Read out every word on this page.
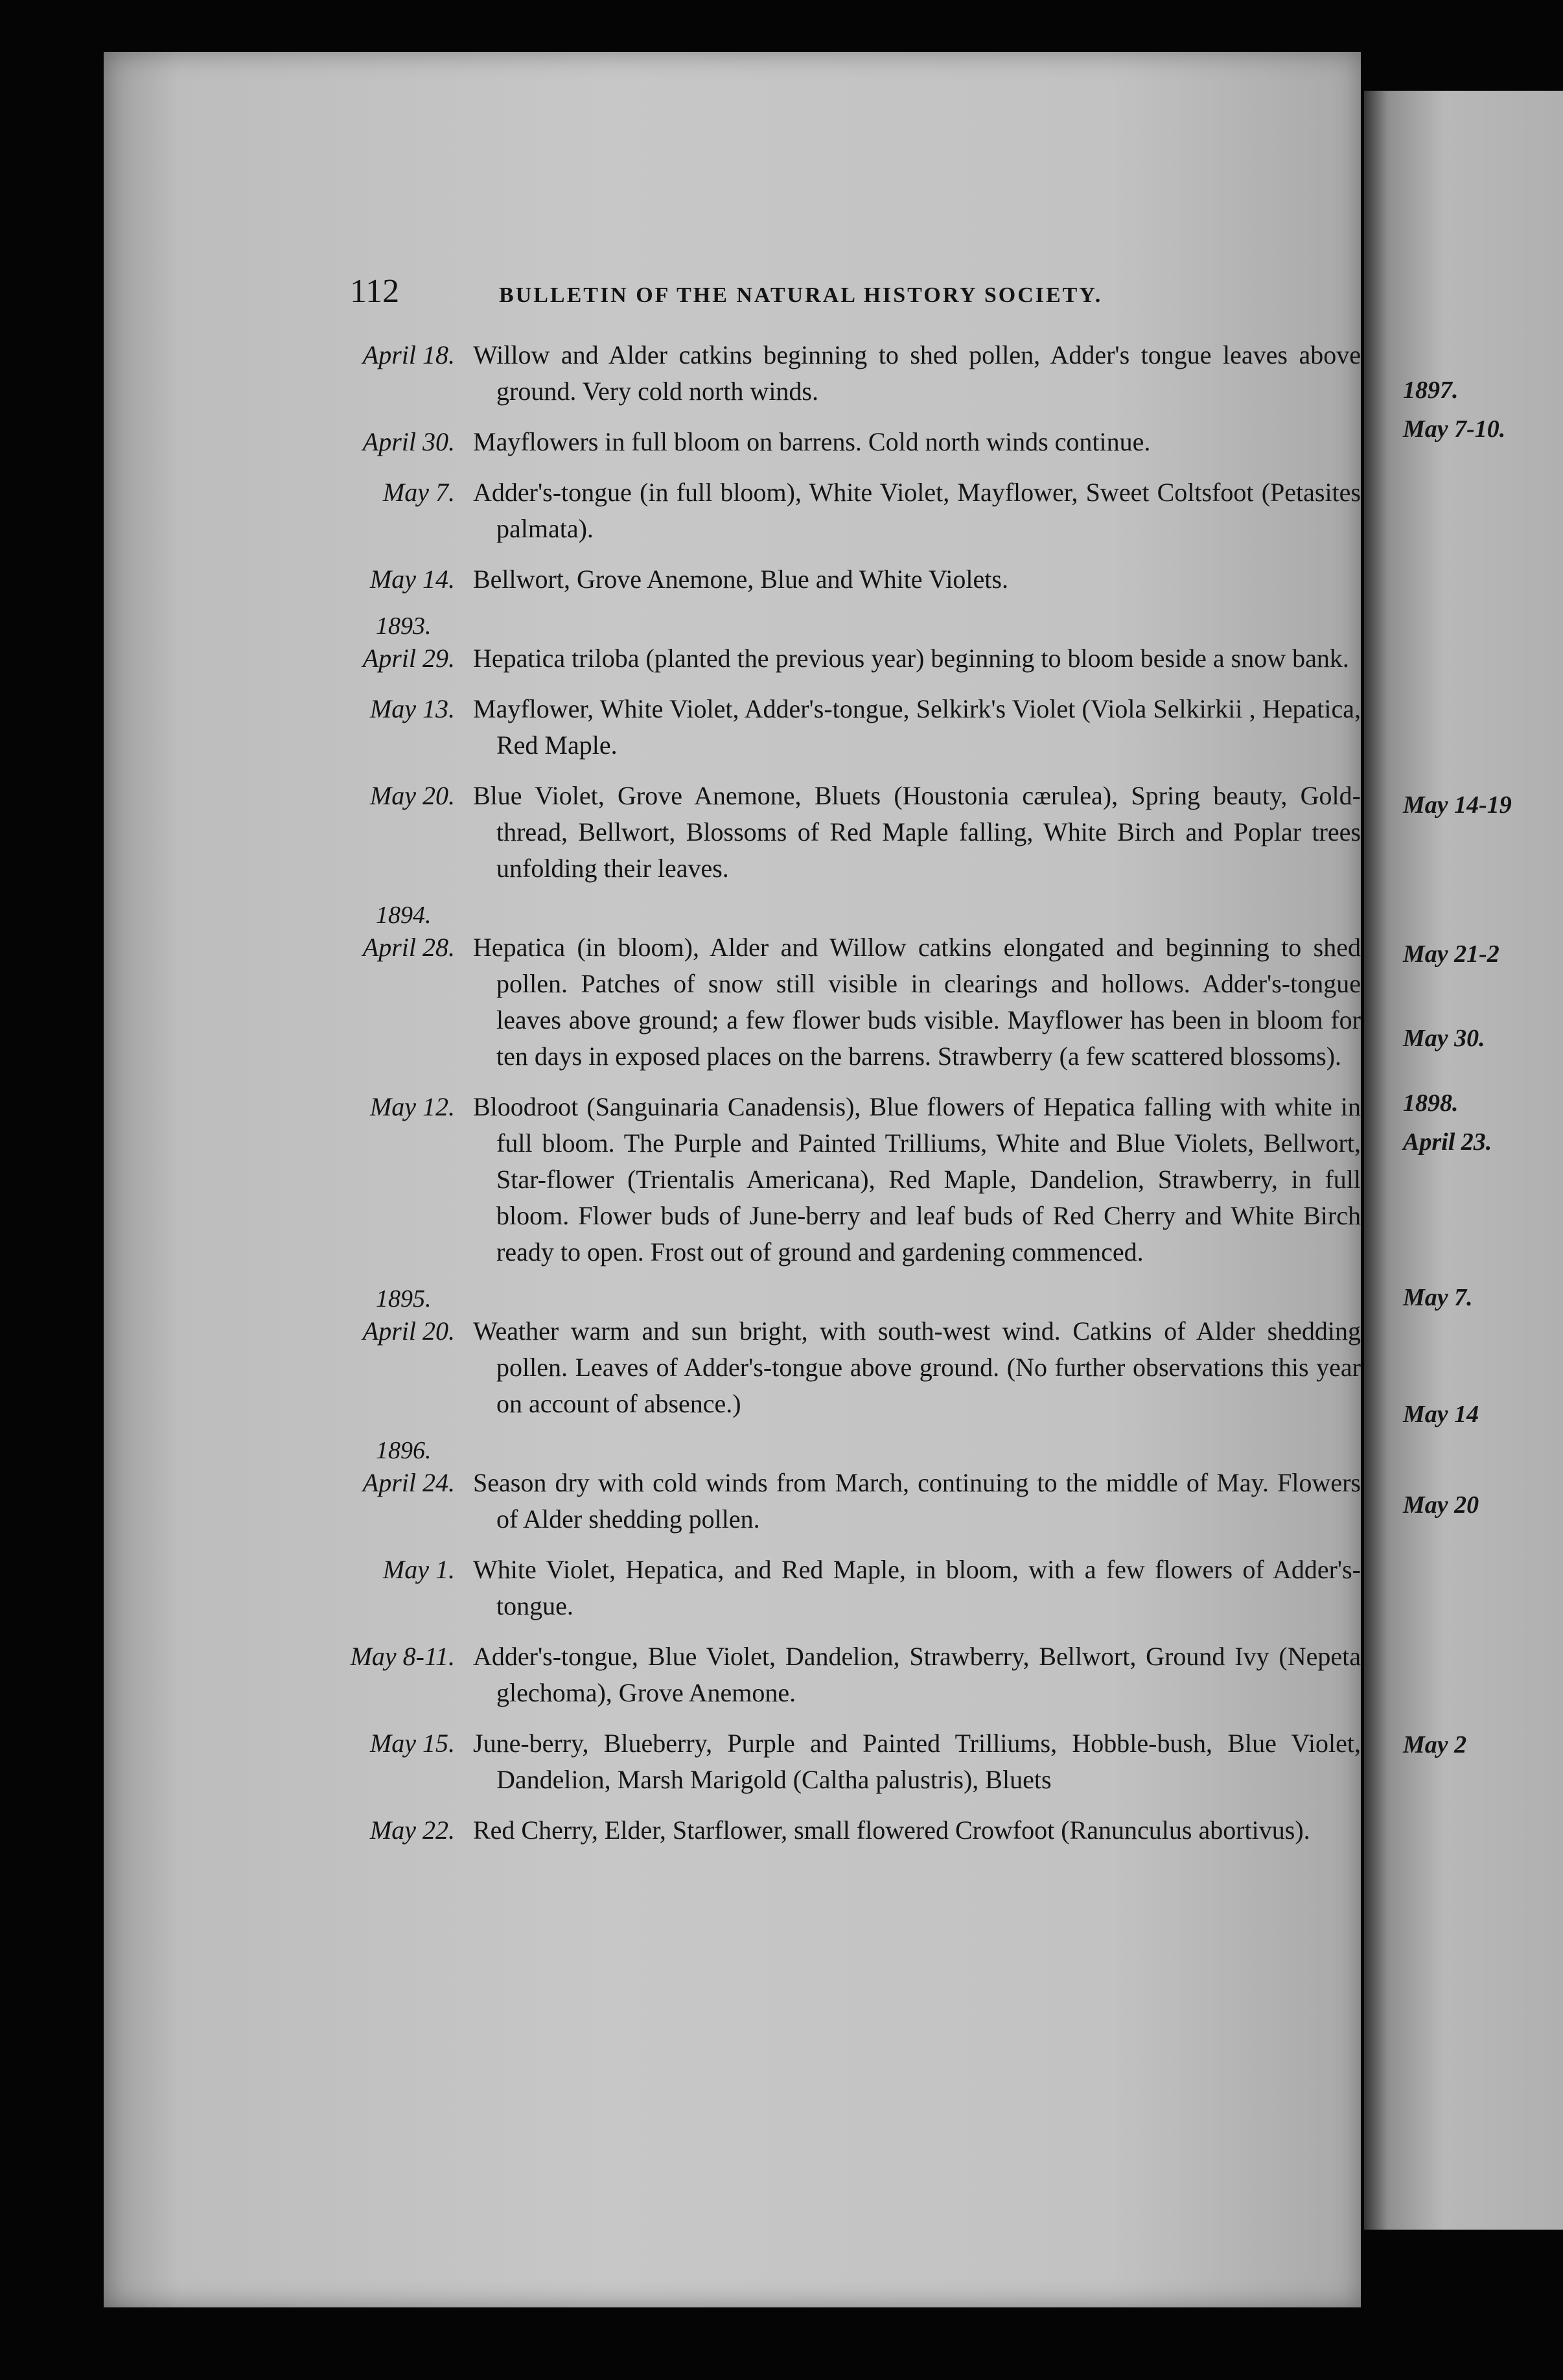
1897.
May 7-10.
May 14-19
May 21-2
May 30.
1898.
April 23.
May 7.
May 14
May 20
May 2
112	BULLETIN OF THE NATURAL HISTORY SOCIETY.
April 18. Willow and Alder catkins beginning to shed pollen, Adder's tongue leaves above ground. Very cold north winds.
April 30. Mayflowers in full bloom on barrens. Cold north winds continue.
May 7. Adder's-tongue (in full bloom), White Violet, Mayflower, Sweet Coltsfoot (Petasites palmata).
May 14. Bellwort, Grove Anemone, Blue and White Violets.
1893.
April 29. Hepatica triloba (planted the previous year) beginning to bloom beside a snow bank.
May 13. Mayflower, White Violet, Adder's-tongue, Selkirk's Violet (Viola Selkirkii , Hepatica, Red Maple.
May 20. Blue Violet, Grove Anemone, Bluets (Houstonia cærulea), Spring beauty, Gold-thread, Bellwort, Blossoms of Red Maple falling, White Birch and Poplar trees unfolding their leaves.
1894.
April 28. Hepatica (in bloom), Alder and Willow catkins elongated and beginning to shed pollen. Patches of snow still visible in clearings and hollows. Adder's-tongue leaves above ground; a few flower buds visible. Mayflower has been in bloom for ten days in exposed places on the barrens. Strawberry (a few scattered blossoms).
May 12. Bloodroot (Sanguinaria Canadensis), Blue flowers of Hepatica falling with white in full bloom. The Purple and Painted Trilliums, White and Blue Violets, Bellwort, Star-flower (Trientalis Americana), Red Maple, Dandelion, Strawberry, in full bloom. Flower buds of June-berry and leaf buds of Red Cherry and White Birch ready to open. Frost out of ground and gardening commenced.
1895.
April 20. Weather warm and sun bright, with south-west wind. Catkins of Alder shedding pollen. Leaves of Adder's-tongue above ground. (No further observations this year on account of absence.)
1896.
April 24. Season dry with cold winds from March, continuing to the middle of May. Flowers of Alder shedding pollen.
May 1. White Violet, Hepatica, and Red Maple, in bloom, with a few flowers of Adder's-tongue.
May 8-11. Adder's-tongue, Blue Violet, Dandelion, Strawberry, Bellwort, Ground Ivy (Nepeta glechoma), Grove Anemone.
May 15. June-berry, Blueberry, Purple and Painted Trilliums, Hobble-bush, Blue Violet, Dandelion, Marsh Marigold (Caltha palustris), Bluets
May 22. Red Cherry, Elder, Starflower, small flowered Crowfoot (Ranunculus abortivus).
